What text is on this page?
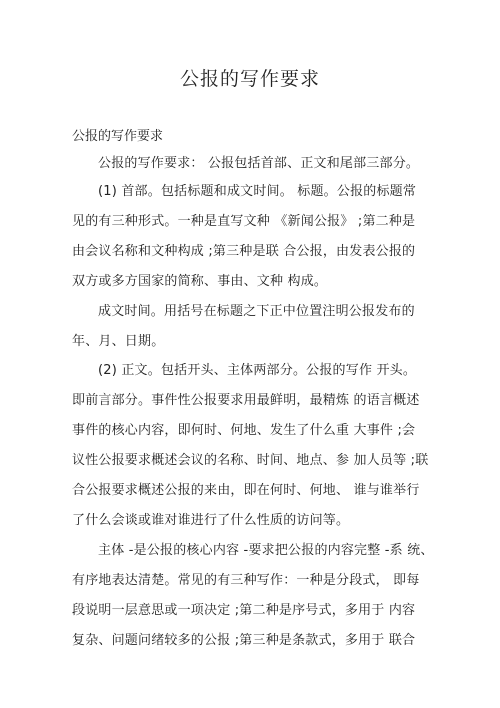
公报的写作要求
公报的写作要求
公报的写作要求： 公报包括首部、正文和尾部三部分。
(1) 首部。包括标题和成文时间。 标题。公报的标题常
见的有三种形式。一种是直写文种 《新闻公报》 ;第二种是
由会议名称和文种构成 ;第三种是联 合公报，由发表公报的
双方或多方国家的简称、事由、文种 构成。
成文时间。用括号在标题之下正中位置注明公报发布的
年、月、日期。
(2) 正文。包括开头、主体两部分。公报的写作 开头。
即前言部分。事件性公报要求用最鲜明，最精炼 的语言概述
事件的核心内容，即何时、何地、发生了什么重 大事件 ;会
议性公报要求概述会议的名称、时间、地点、参 加人员等 ;联
合公报要求概述公报的来由，即在何时、何地、 谁与谁举行
了什么会谈或谁对谁进行了什么性质的访问等。
主体 -是公报的核心内容 -要求把公报的内容完整 -系 统、
有序地表达清楚。常见的有三种写作：一种是分段式， 即每
段说明一层意思或一项决定 ;第二种是序号式，多用于 内容
复杂、问题问绪较多的公报 ;第三种是条款式，多用于 联合
